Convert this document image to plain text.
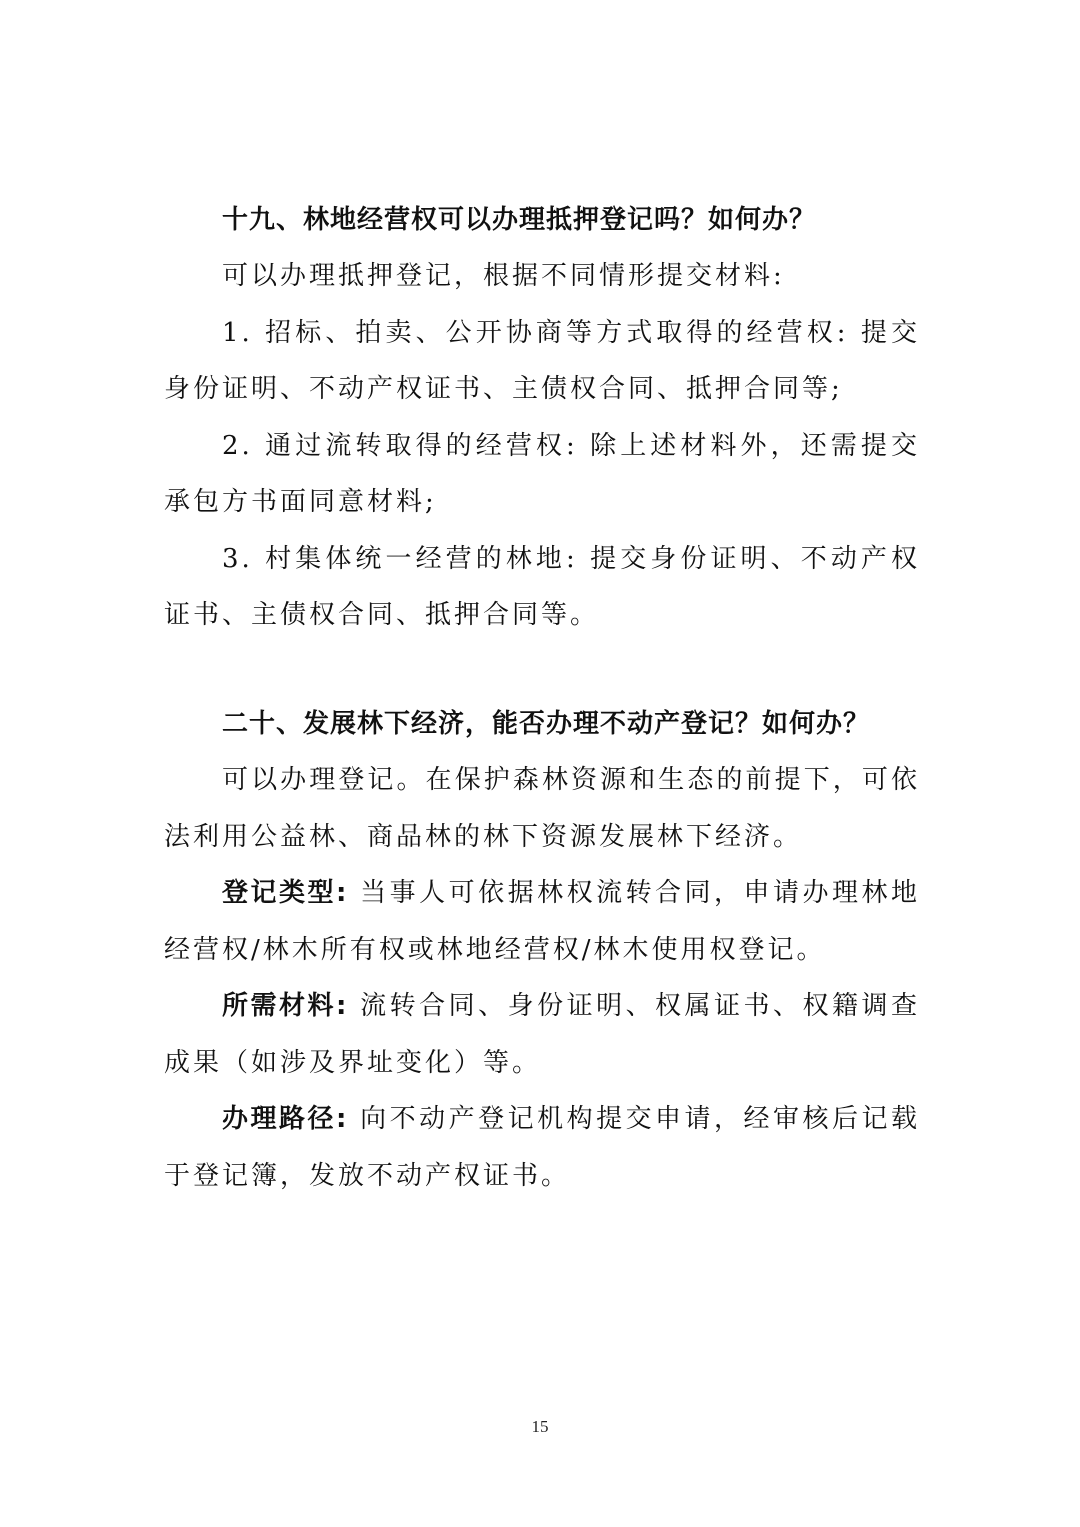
十九、林地经营权可以办理抵押登记吗？如何办？

可以办理抵押登记，根据不同情形提交材料:

1. 招标、拍卖、公开协商等方式取得的经营权: 提交身份证明、不动产权证书、主债权合同、抵押合同等;

2. 通过流转取得的经营权: 除上述材料外，还需提交承包方书面同意材料;

3. 村集体统一经营的林地: 提交身份证明、不动产权证书、主债权合同、抵押合同等。

二十、发展林下经济，能否办理不动产登记？如何办？

可以办理登记。在保护森林资源和生态的前提下，可依法利用公益林、商品林的林下资源发展林下经济。

登记类型: 当事人可依据林权流转合同，申请办理林地经营权/林木所有权或林地经营权/林木使用权登记。

所需材料: 流转合同、身份证明、权属证书、权籍调查成果（如涉及界址变化）等。

办理路径: 向不动产登记机构提交申请，经审核后记载于登记簿，发放不动产权证书。

15
